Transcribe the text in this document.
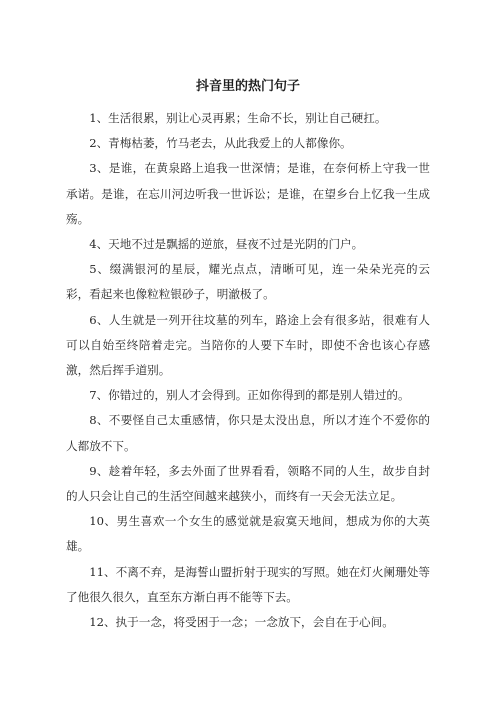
抖音里的热门句子

1、生活很累，别让心灵再累；生命不长，别让自己硬扛。

2、青梅枯萎，竹马老去，从此我爱上的人都像你。

3、是谁，在黄泉路上追我一世深情；是谁，在奈何桥上守我一世承诺。是谁，在忘川河边听我一世诉讼；是谁，在望乡台上忆我一生成殇。

4、天地不过是飘摇的逆旅，昼夜不过是光阴的门户。

5、缀满银河的星辰，耀光点点，清晰可见，连一朵朵光亮的云彩，看起来也像粒粒银砂子，明澈极了。

6、人生就是一列开往坟墓的列车，路途上会有很多站，很难有人可以自始至终陪着走完。当陪你的人要下车时，即使不舍也该心存感激，然后挥手道别。

7、你错过的，别人才会得到。正如你得到的都是别人错过的。

8、不要怪自己太重感情，你只是太没出息，所以才连个不爱你的人都放不下。

9、趁着年轻，多去外面了世界看看，领略不同的人生，故步自封的人只会让自己的生活空间越来越狭小，而终有一天会无法立足。

10、男生喜欢一个女生的感觉就是寂寞天地间，想成为你的大英雄。

11、不离不弃，是海誓山盟折射于现实的写照。她在灯火阑珊处等了他很久很久，直至东方渐白再不能等下去。

12、执于一念，将受困于一念；一念放下，会自在于心间。
